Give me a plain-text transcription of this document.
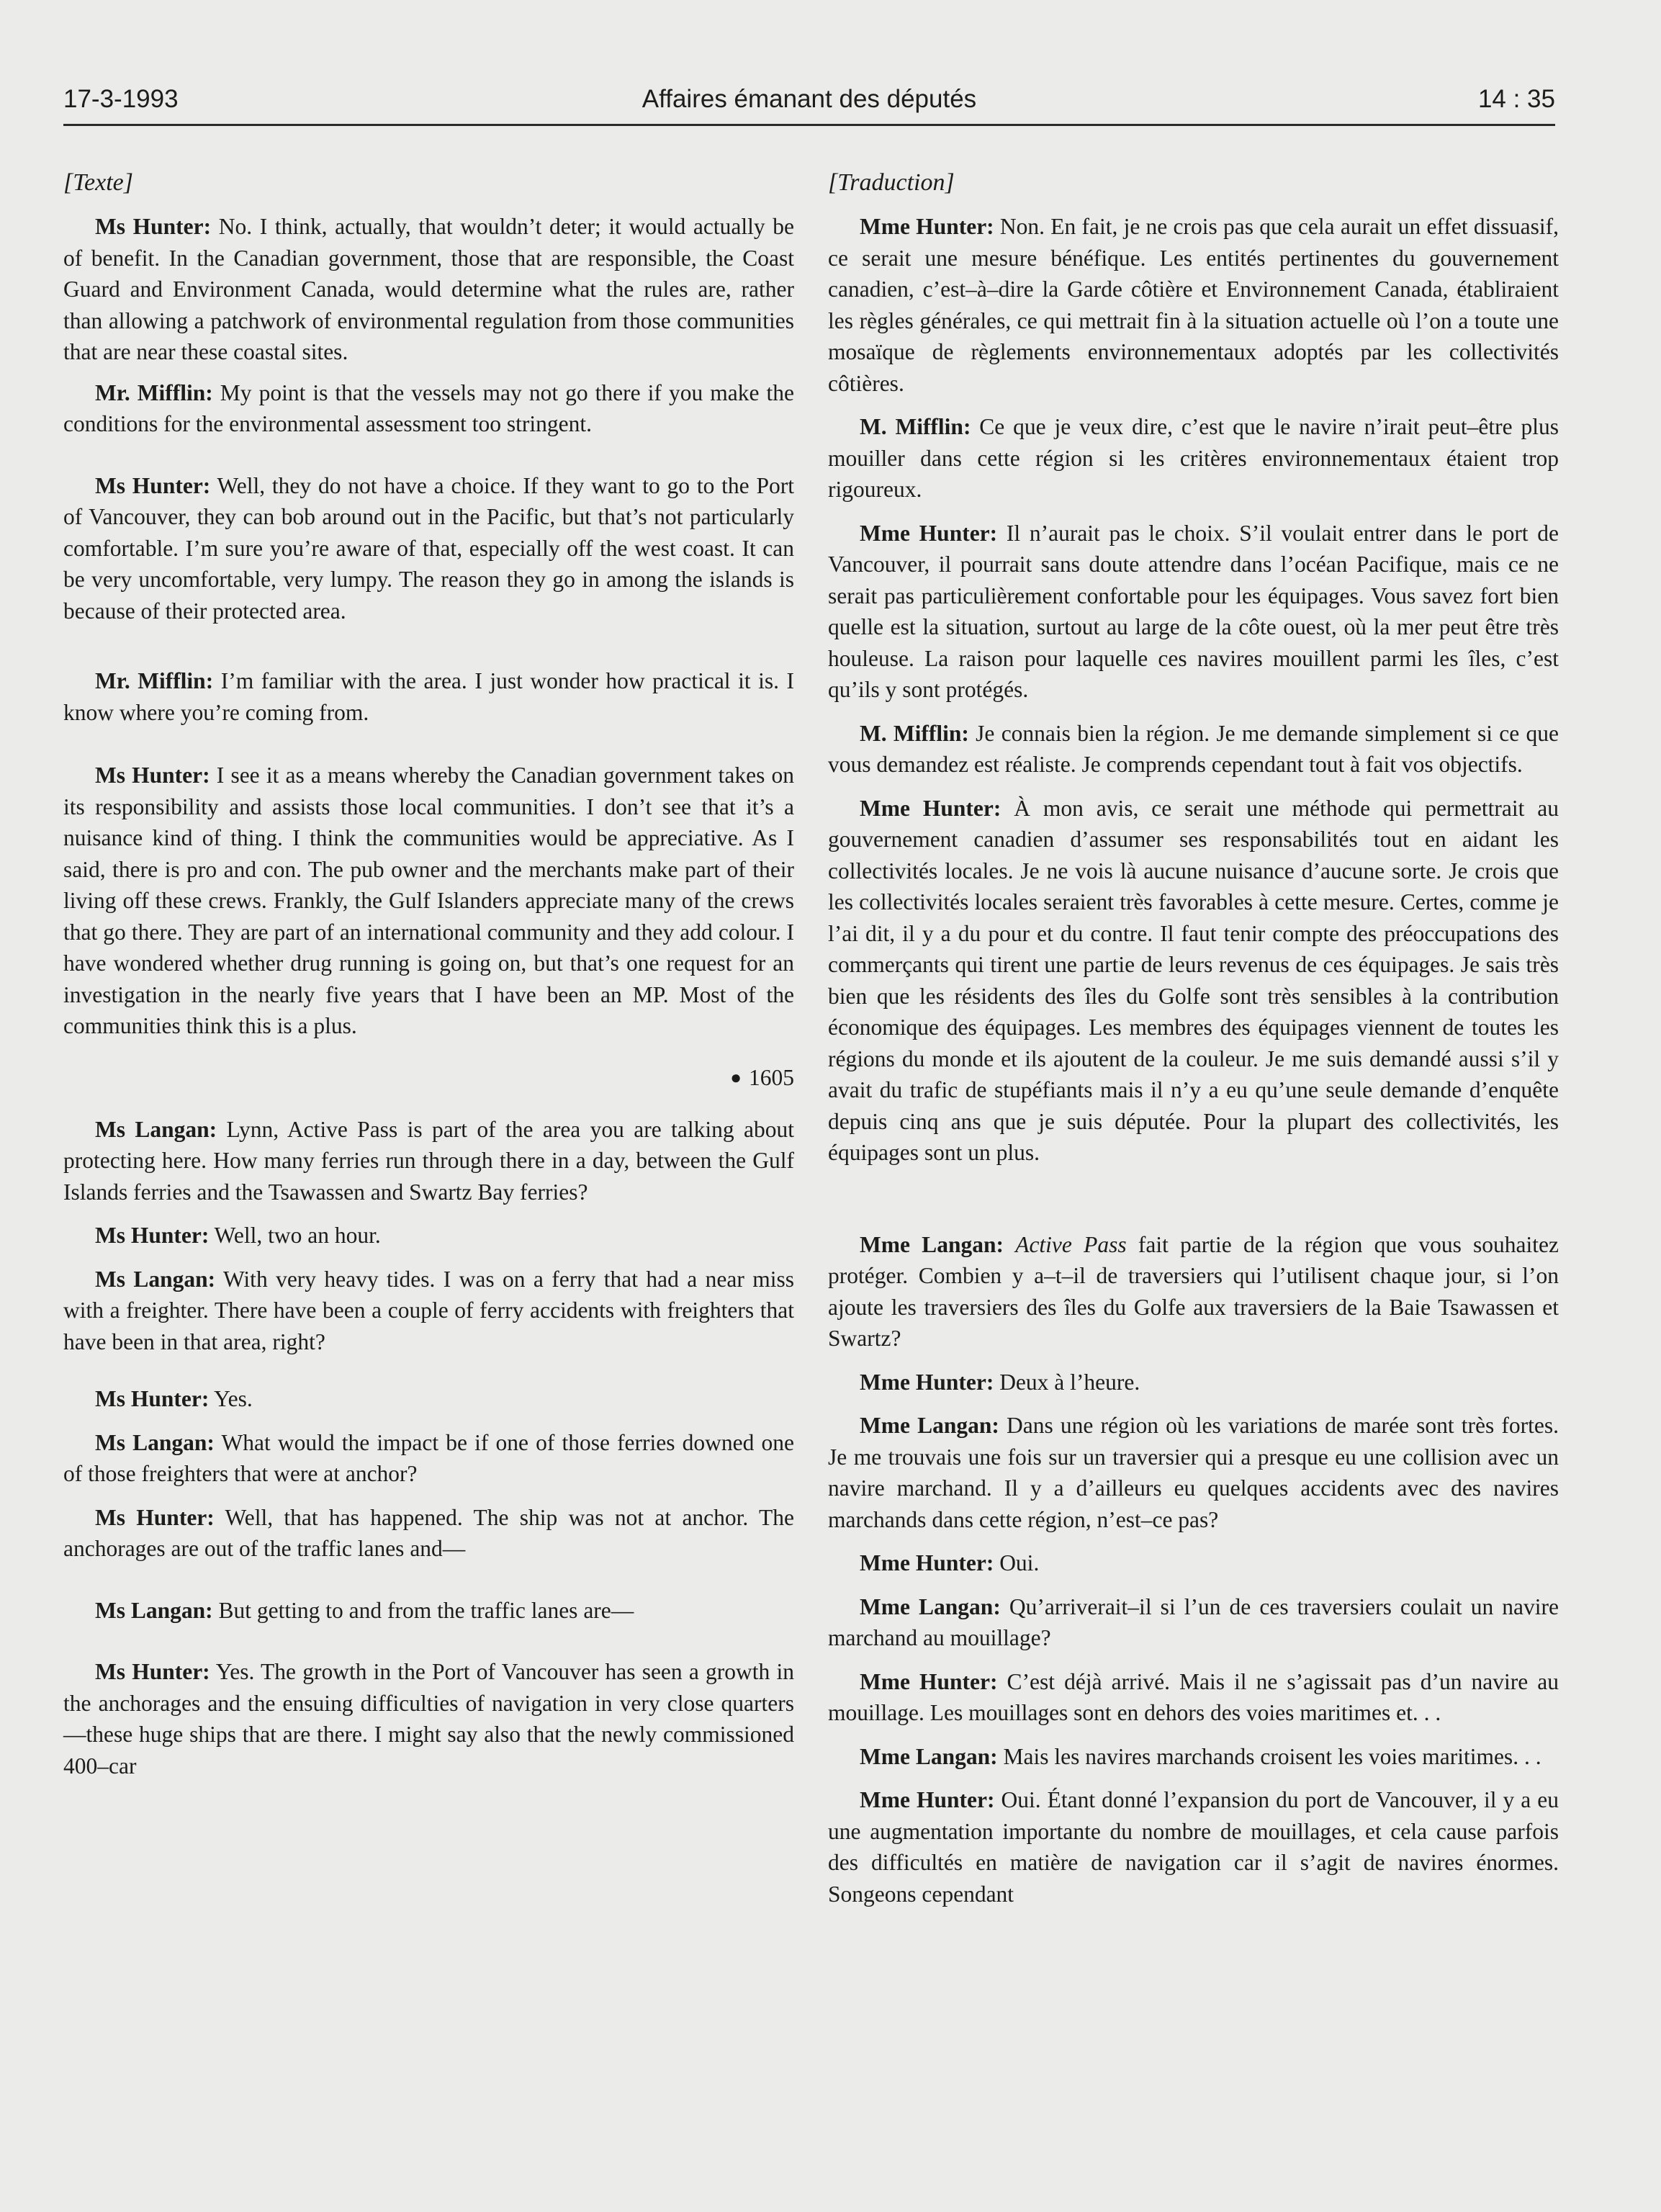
17-3-1993	Affaires émanant des députés	14 : 35
[Texte]

Ms Hunter: No. I think, actually, that wouldn’t deter; it would actually be of benefit. In the Canadian government, those that are responsible, the Coast Guard and Environment Canada, would determine what the rules are, rather than allowing a patchwork of environmental regulation from those communities that are near these coastal sites.

Mr. Mifflin: My point is that the vessels may not go there if you make the conditions for the environmental assessment too stringent.

Ms Hunter: Well, they do not have a choice. If they want to go to the Port of Vancouver, they can bob around out in the Pacific, but that’s not particularly comfortable. I’m sure you’re aware of that, especially off the west coast. It can be very uncomfortable, very lumpy. The reason they go in among the islands is because of their protected area.

Mr. Mifflin: I’m familiar with the area. I just wonder how practical it is. I know where you’re coming from.

Ms Hunter: I see it as a means whereby the Canadian government takes on its responsibility and assists those local communities. I don’t see that it’s a nuisance kind of thing. I think the communities would be appreciative. As I said, there is pro and con. The pub owner and the merchants make part of their living off these crews. Frankly, the Gulf Islanders appreciate many of the crews that go there. They are part of an international community and they add colour. I have wondered whether drug running is going on, but that’s one request for an investigation in the nearly five years that I have been an MP. Most of the communities think this is a plus.

● 1605

Ms Langan: Lynn, Active Pass is part of the area you are talking about protecting here. How many ferries run through there in a day, between the Gulf Islands ferries and the Tsawassen and Swartz Bay ferries?

Ms Hunter: Well, two an hour.

Ms Langan: With very heavy tides. I was on a ferry that had a near miss with a freighter. There have been a couple of ferry accidents with freighters that have been in that area, right?

Ms Hunter: Yes.

Ms Langan: What would the impact be if one of those ferries downed one of those freighters that were at anchor?

Ms Hunter: Well, that has happened. The ship was not at anchor. The anchorages are out of the traffic lanes and—

Ms Langan: But getting to and from the traffic lanes are—

Ms Hunter: Yes. The growth in the Port of Vancouver has seen a growth in the anchorages and the ensuing difficulties of navigation in very close quarters—these huge ships that are there. I might say also that the newly commissioned 400–car

[Traduction]

Mme Hunter: Non. En fait, je ne crois pas que cela aurait un effet dissuasif, ce serait une mesure bénéfique. Les entités pertinentes du gouvernement canadien, c’est–à–dire la Garde côtière et Environnement Canada, établiraient les règles générales, ce qui mettrait fin à la situation actuelle où l’on a toute une mosaïque de règlements environnementaux adoptés par les collectivités côtières.

M. Mifflin: Ce que je veux dire, c’est que le navire n’irait peut–être plus mouiller dans cette région si les critères environnementaux étaient trop rigoureux.

Mme Hunter: Il n’aurait pas le choix. S’il voulait entrer dans le port de Vancouver, il pourrait sans doute attendre dans l’océan Pacifique, mais ce ne serait pas particulièrement confortable pour les équipages. Vous savez fort bien quelle est la situation, surtout au large de la côte ouest, où la mer peut être très houleuse. La raison pour laquelle ces navires mouillent parmi les îles, c’est qu’ils y sont protégés.

M. Mifflin: Je connais bien la région. Je me demande simplement si ce que vous demandez est réaliste. Je comprends cependant tout à fait vos objectifs.

Mme Hunter: À mon avis, ce serait une méthode qui permettrait au gouvernement canadien d’assumer ses responsabilités tout en aidant les collectivités locales. Je ne vois là aucune nuisance d’aucune sorte. Je crois que les collectivités locales seraient très favorables à cette mesure. Certes, comme je l’ai dit, il y a du pour et du contre. Il faut tenir compte des préoccupations des commerçants qui tirent une partie de leurs revenus de ces équipages. Je sais très bien que les résidents des îles du Golfe sont très sensibles à la contribution économique des équipages. Les membres des équipages viennent de toutes les régions du monde et ils ajoutent de la couleur. Je me suis demandé aussi s’il y avait du trafic de stupéfiants mais il n’y a eu qu’une seule demande d’enquête depuis cinq ans que je suis députée. Pour la plupart des collectivités, les équipages sont un plus.

Mme Langan: Active Pass fait partie de la région que vous souhaitez protéger. Combien y a–t–il de traversiers qui l’utilisent chaque jour, si l’on ajoute les traversiers des îles du Golfe aux traversiers de la Baie Tsawassen et Swartz?

Mme Hunter: Deux à l’heure.

Mme Langan: Dans une région où les variations de marée sont très fortes. Je me trouvais une fois sur un traversier qui a presque eu une collision avec un navire marchand. Il y a d’ailleurs eu quelques accidents avec des navires marchands dans cette région, n’est–ce pas?

Mme Hunter: Oui.

Mme Langan: Qu’arriverait–il si l’un de ces traversiers coulait un navire marchand au mouillage?

Mme Hunter: C’est déjà arrivé. Mais il ne s’agissait pas d’un navire au mouillage. Les mouillages sont en dehors des voies maritimes et. . .

Mme Langan: Mais les navires marchands croisent les voies maritimes. . .

Mme Hunter: Oui. Étant donné l’expansion du port de Vancouver, il y a eu une augmentation importante du nombre de mouillages, et cela cause parfois des difficultés en matière de navigation car il s’agit de navires énormes. Songeons cependant
